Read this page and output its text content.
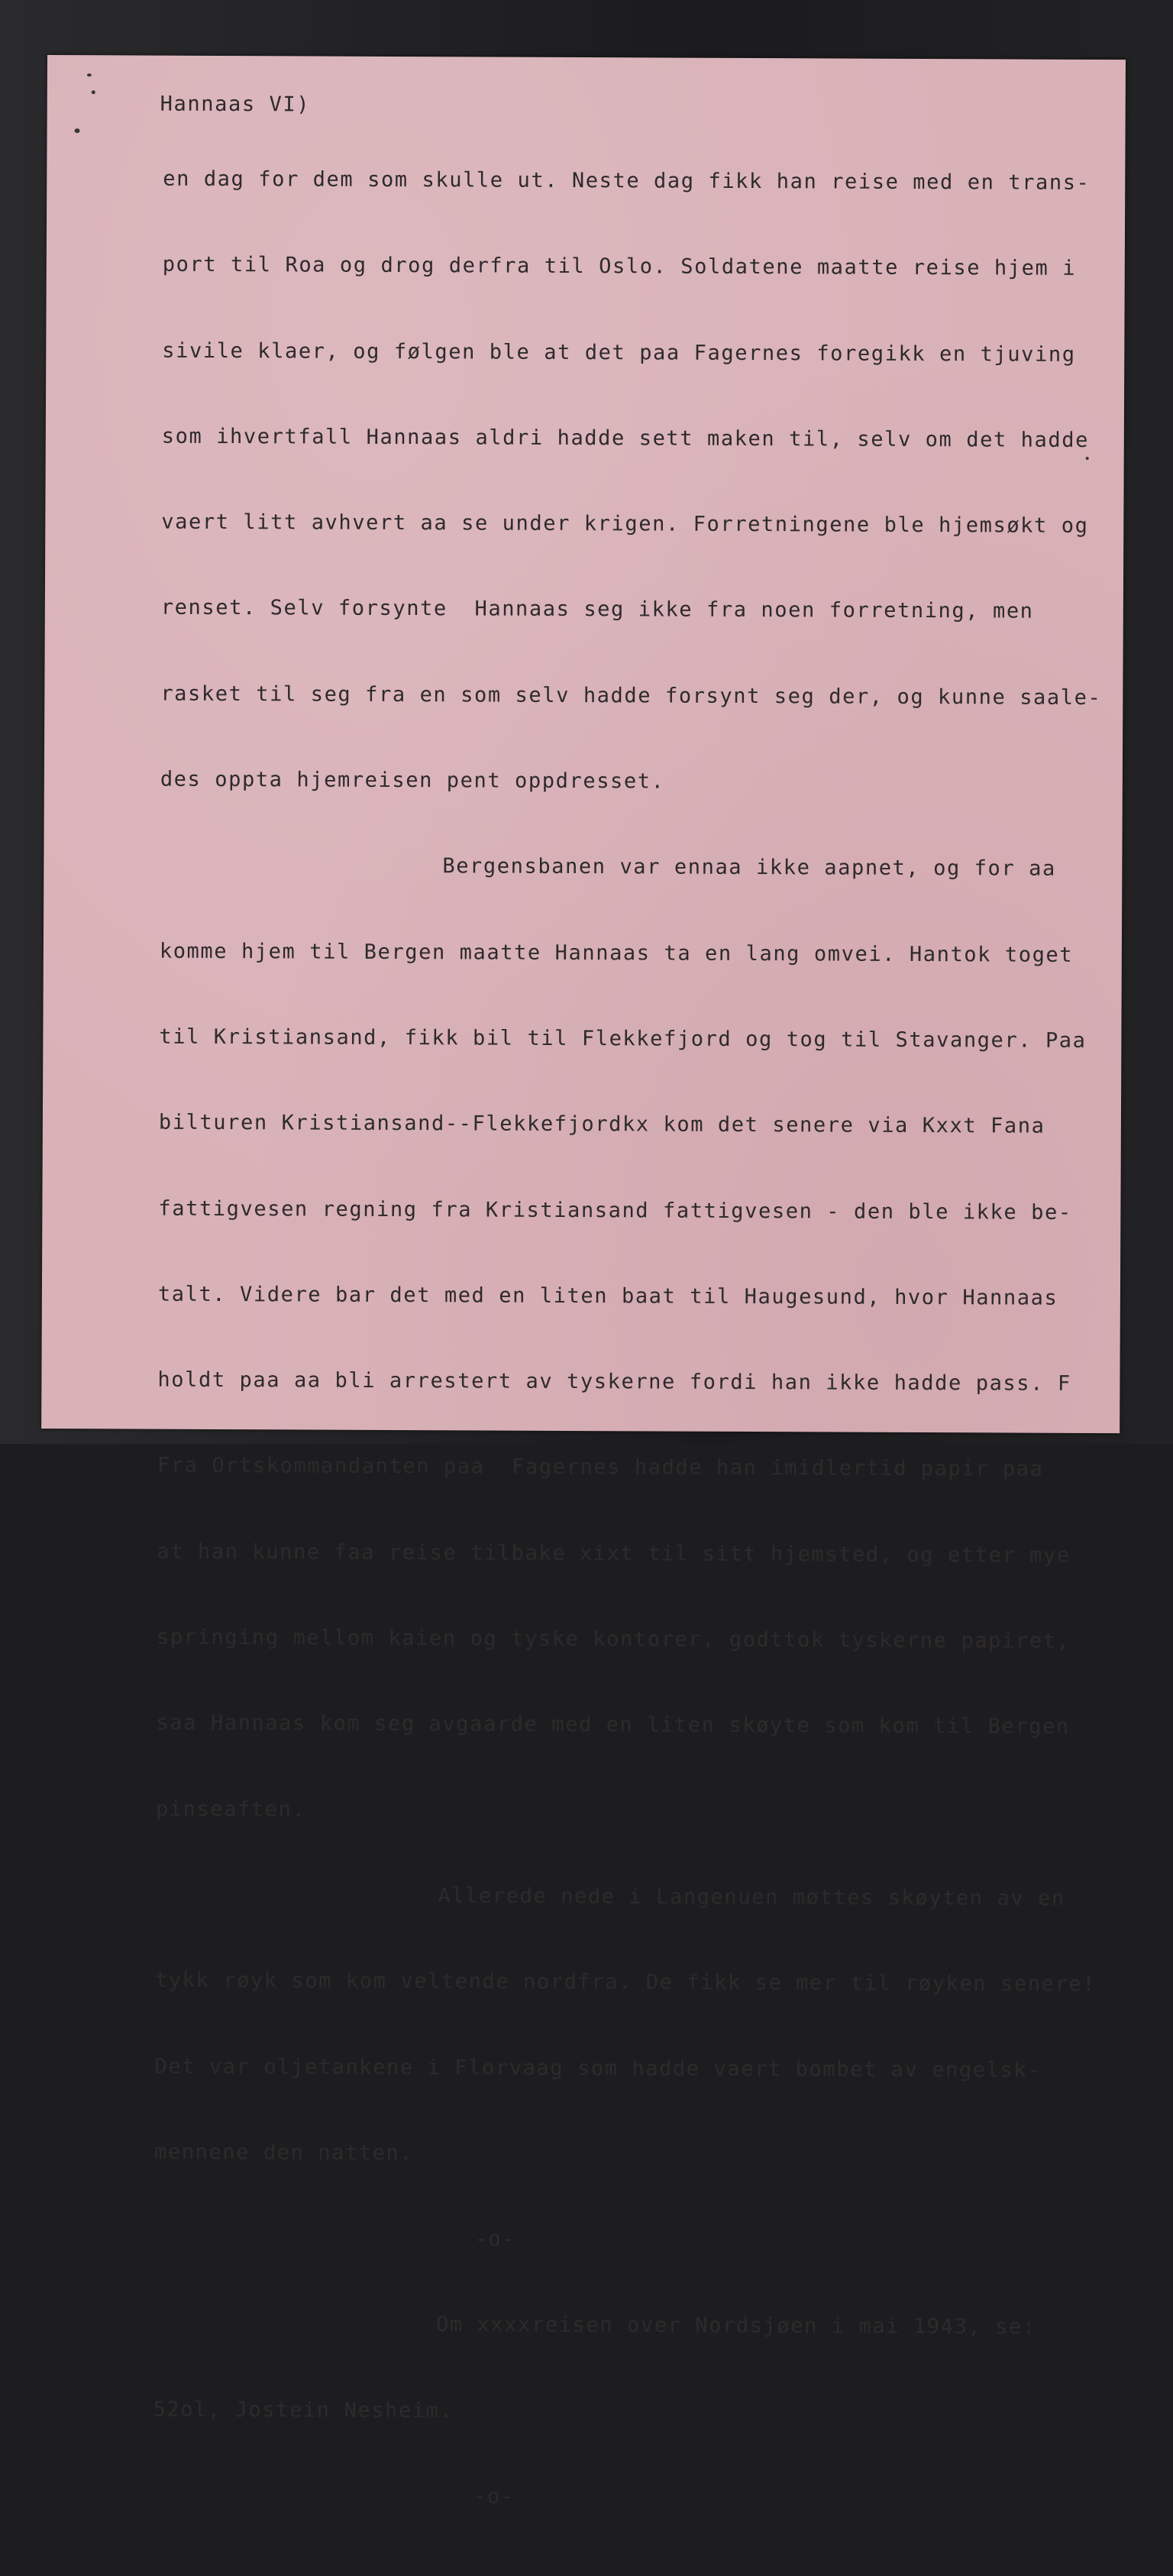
Hannaas VI)

en dag for dem som skulle ut. Neste dag fikk han reise med en trans-

port til Roa og drog derfra til Oslo. Soldatene maatte reise hjem i

sivile klaer, og følgen ble at det paa Fagernes foregikk en tjuving

som ihvertfall Hannaas aldri hadde sett maken til, selv om det hadde

vaert litt avhvert aa se under krigen. Forretningene ble hjemsøkt og

renset. Selv forsynte  Hannaas seg ikke fra noen forretning, men

rasket til seg fra en som selv hadde forsynt seg der, og kunne saale-

des oppta hjemreisen pent oppdresset.

Bergensbanen var ennaa ikke aapnet, og for aa

komme hjem til Bergen maatte Hannaas ta en lang omvei. Hantok toget

til Kristiansand, fikk bil til Flekkefjord og tog til Stavanger. Paa

bilturen Kristiansand--Flekkefjordkx kom det senere via Kxxt Fana

fattigvesen regning fra Kristiansand fattigvesen - den ble ikke be-

talt. Videre bar det med en liten baat til Haugesund, hvor Hannaas

holdt paa aa bli arrestert av tyskerne fordi han ikke hadde pass. F

Fra Ortskommandanten paa  Fagernes hadde han imidlertid papir paa

at han kunne faa reise tilbake xixt til sitt hjemsted, og etter mye

springing mellom kaien og tyske kontorer, godttok tyskerne papiret,

saa Hannaas kom seg avgaarde med en liten skøyte som kom til Bergen

pinseaften.

Allerede nede i Langenuen møttes skøyten av en

tykk røyk som kom veltende nordfra. De fikk se mer til røyken senere!

Det var oljetankene i Florvaag som hadde vaert bombet av engelsk-

mennene den natten.

-o-

Om xxxxreisen over Nordsjøen i mai 1943, se:

52ol, Jostein Nesheim.

-o-
